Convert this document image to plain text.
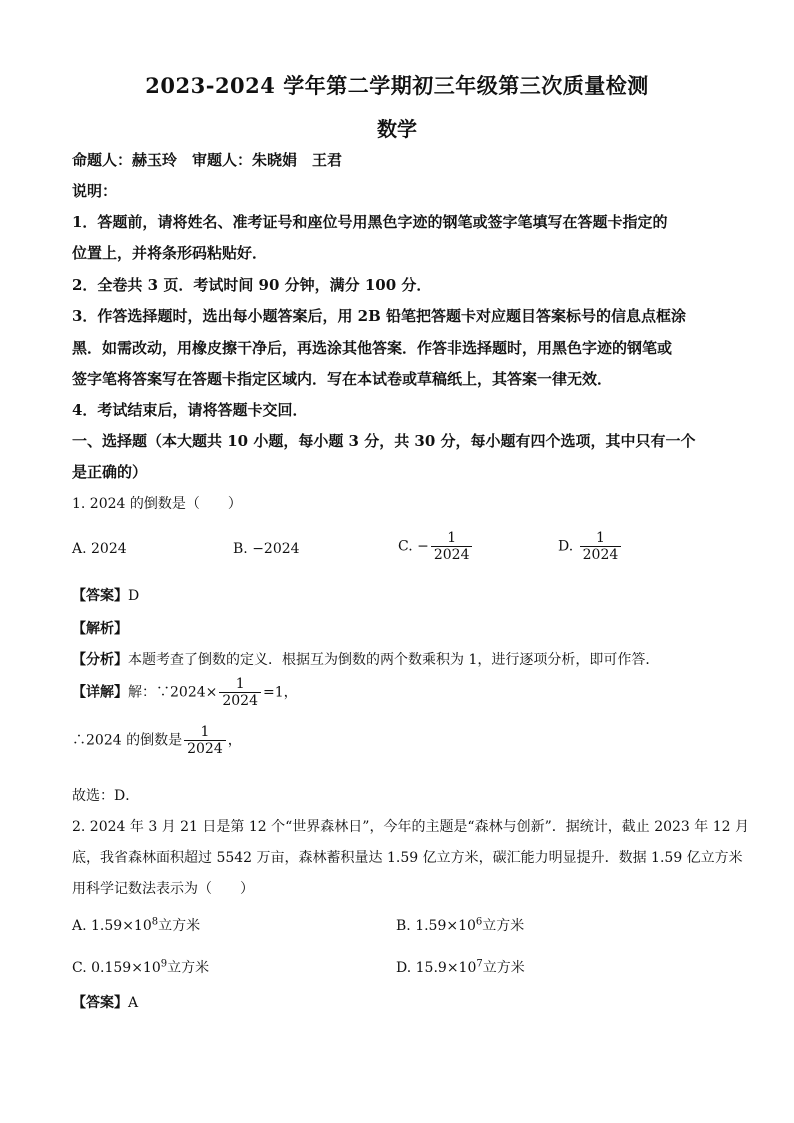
2023-2024 学年第二学期初三年级第三次质量检测
数学
命题人：赫玉玲　审题人：朱晓娟　王君
说明：
1．答题前，请将姓名、准考证号和座位号用黑色字迹的钢笔或签字笔填写在答题卡指定的
位置上，并将条形码粘贴好．
2．全卷共 3 页．考试时间 90 分钟，满分 100 分．
3．作答选择题时，选出每小题答案后，用 2B 铅笔把答题卡对应题目答案标号的信息点框涂
黑．如需改动，用橡皮擦干净后，再选涂其他答案．作答非选择题时，用黑色字迹的钢笔或
签字笔将答案写在答题卡指定区域内．写在本试卷或草稿纸上，其答案一律无效．
4．考试结束后，请将答题卡交回．
一、选择题（本大题共 10 小题，每小题 3 分，共 30 分，每小题有四个选项，其中只有一个
是正确的）
1. 2024 的倒数是（　　）
A. 2024	B. −2024	C. − $\frac{1}{2024}$	D. $\frac{1}{2024}$
【答案】D
【解析】
【分析】本题考查了倒数的定义．根据互为倒数的两个数乘积为 1，进行逐项分析，即可作答．
【详解】解：∵2024× $\frac{1}{2024} =1$，
∴2024 的倒数是 $\frac{1}{2024}$ ，
故选：D．
2. 2024 年 3 月 21 日是第 12 个“世界森林日”，今年的主题是“森林与创新”．据统计，截止 2023 年 12 月
底，我省森林面积超过 5542 万亩，森林蓄积量达 1.59 亿立方米，碳汇能力明显提升．数据 1.59 亿立方米
用科学记数法表示为（　　）
A. $1.59\times 10^8$立方米	B. $1.59\times 10^6$立方米
C. $0.159\times 10^9$立方米	D. $15.9\times 10^7$立方米
【答案】A
